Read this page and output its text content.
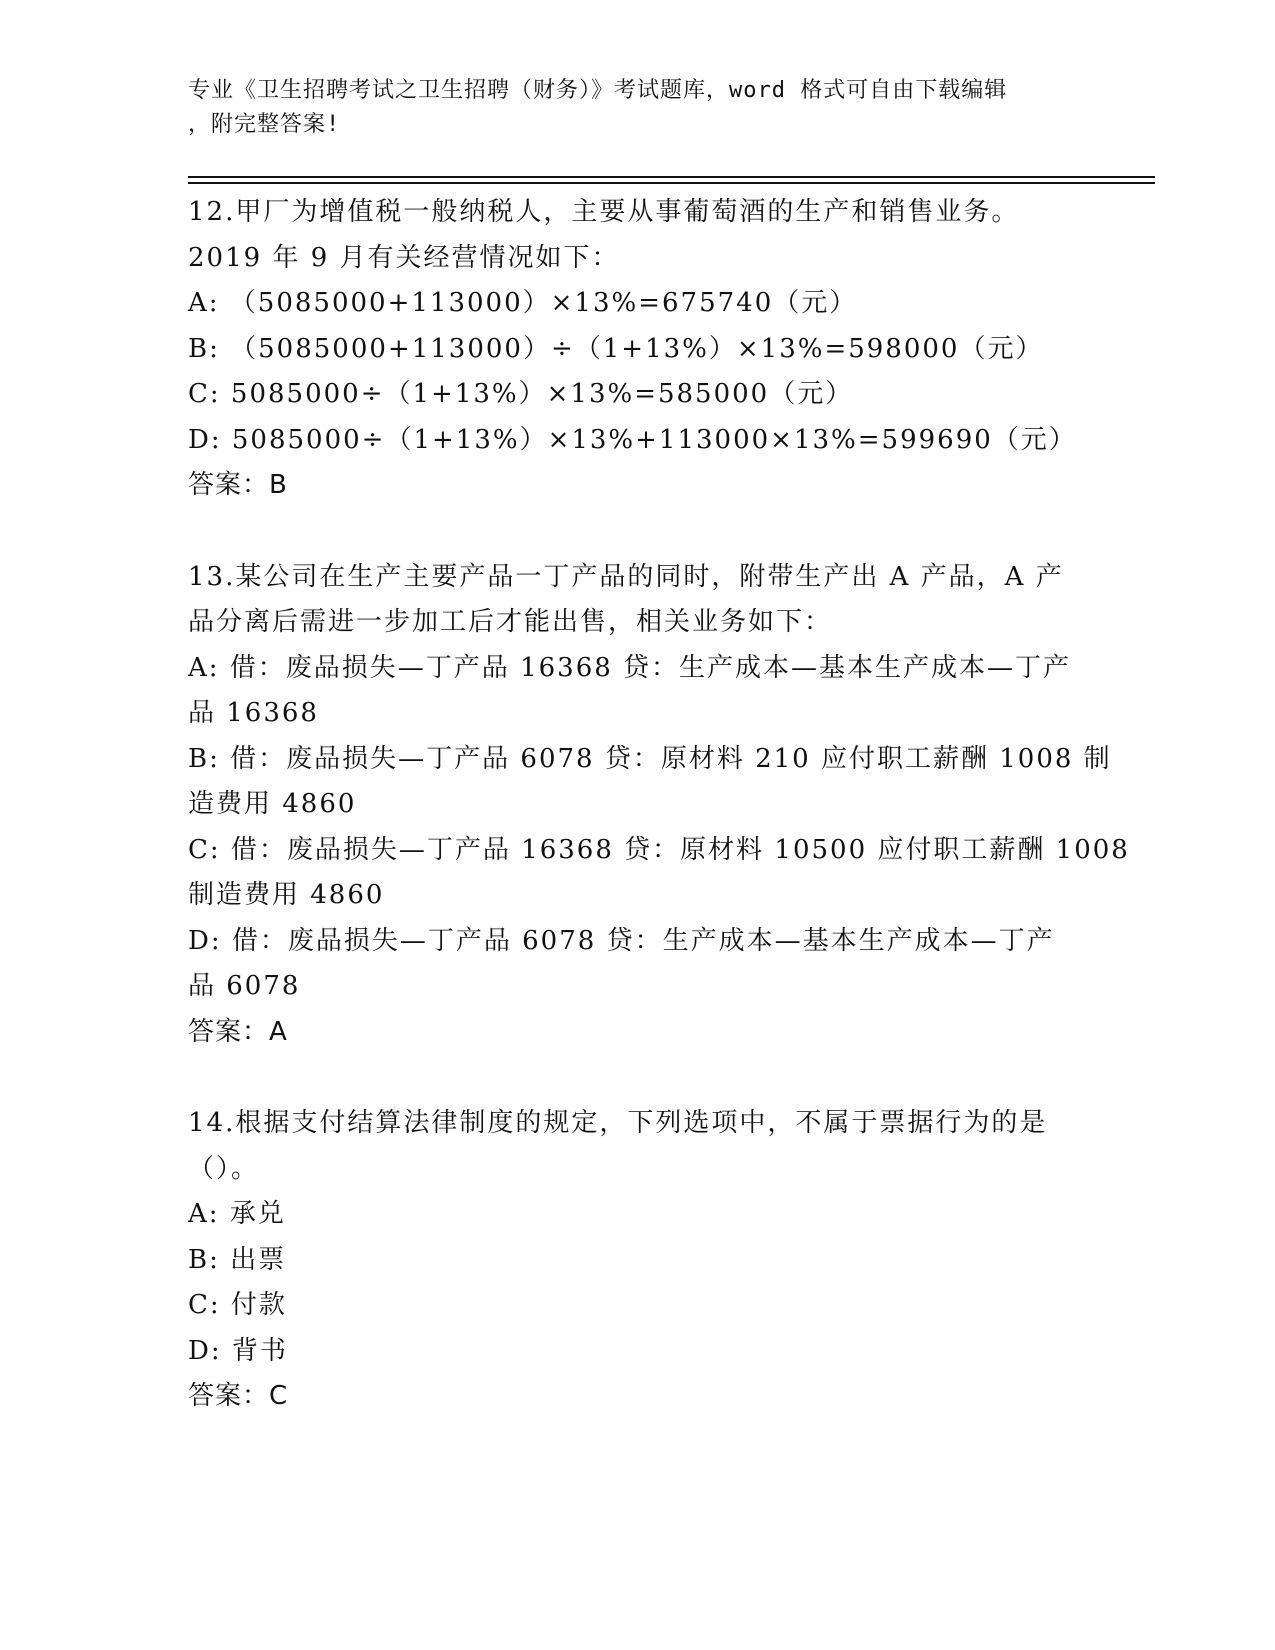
专业《卫生招聘考试之卫生招聘（财务）》考试题库，word 格式可自由下载编辑
，附完整答案!
12.甲厂为增值税一般纳税人，主要从事葡萄酒的生产和销售业务。
2019 年 9 月有关经营情况如下：
A: （5085000+113000）×13%=675740（元）
B: （5085000+113000）÷（1+13%）×13%=598000（元）
C: 5085000÷（1+13%）×13%=585000（元）
D: 5085000÷（1+13%）×13%+113000×13%=599690（元）
答案：B
13.某公司在生产主要产品一丁产品的同时，附带生产出 A 产品，A 产
品分离后需进一步加工后才能出售，相关业务如下：
A: 借：废品损失—丁产品 16368 贷：生产成本—基本生产成本—丁产
品 16368
B: 借：废品损失—丁产品 6078 贷：原材料 210 应付职工薪酬 1008 制
造费用 4860
C: 借：废品损失—丁产品 16368 贷：原材料 10500 应付职工薪酬 1008
制造费用 4860
D: 借：废品损失—丁产品 6078 贷：生产成本—基本生产成本—丁产
品 6078
答案：A
14.根据支付结算法律制度的规定，下列选项中，不属于票据行为的是
（）。
A: 承兑
B: 出票
C: 付款
D: 背书
答案：C
